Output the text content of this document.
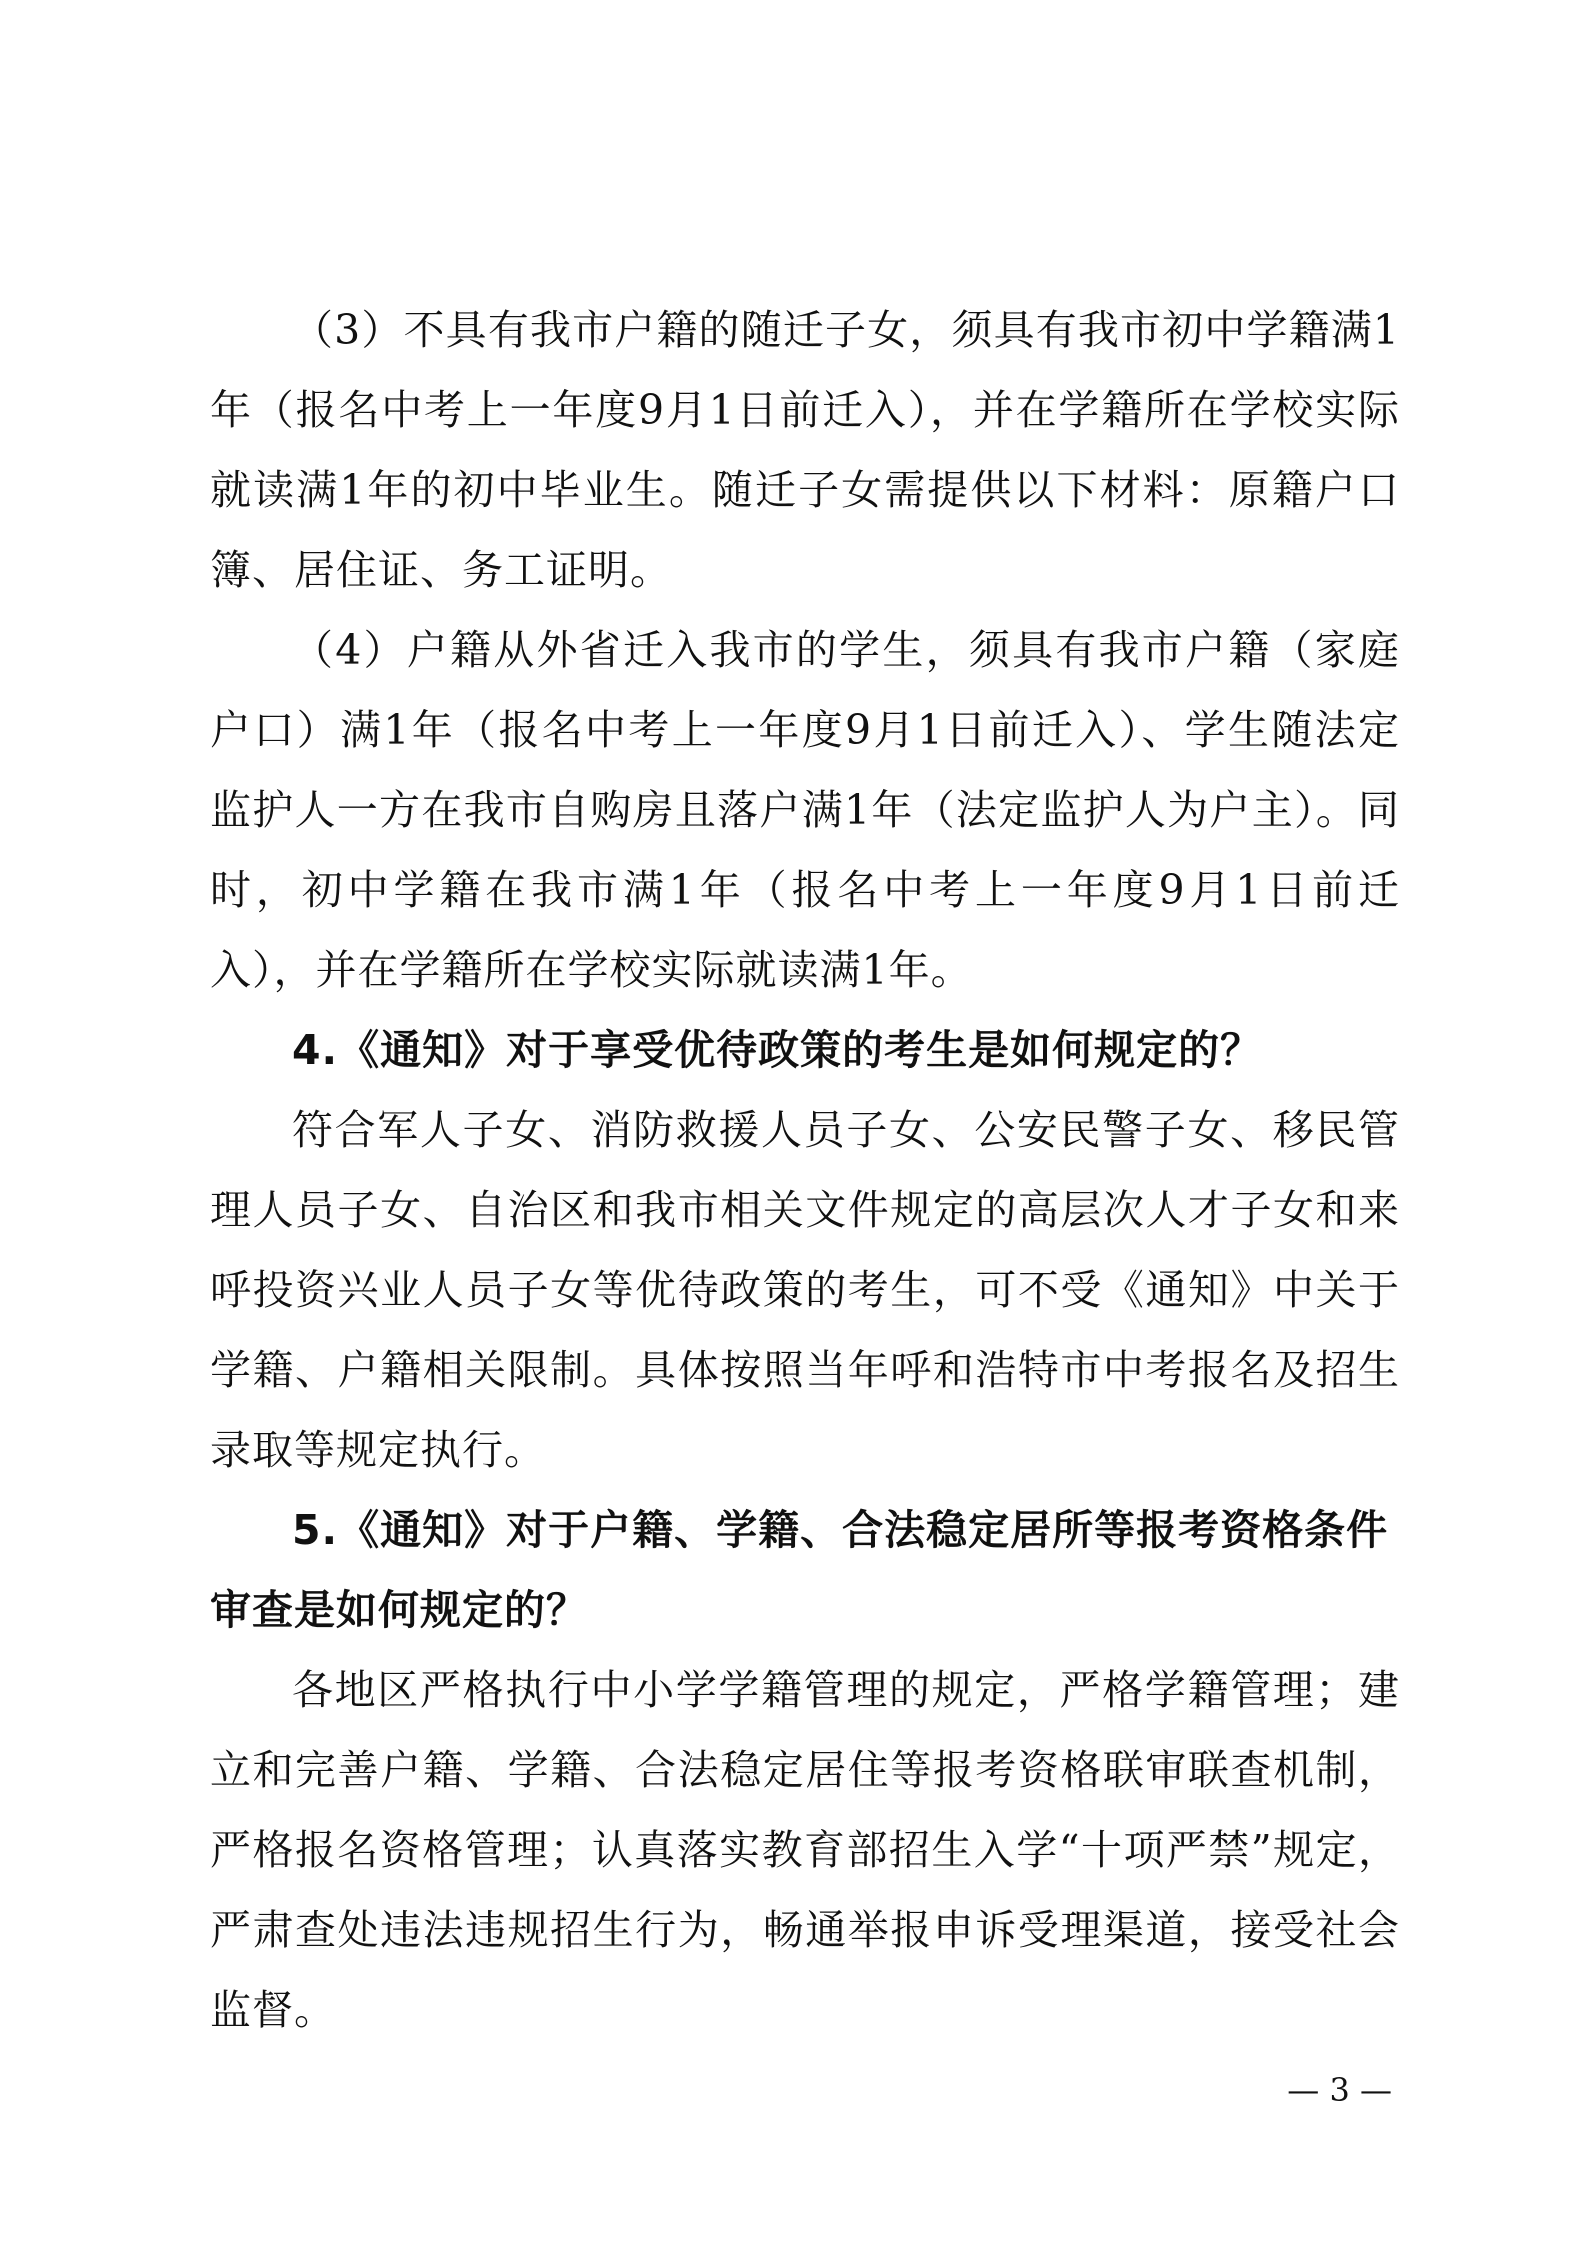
（3）不具有我市户籍的随迁子女，须具有我市初中学籍满1年（报名中考上一年度9月1日前迁入），并在学籍所在学校实际就读满1年的初中毕业生。随迁子女需提供以下材料：原籍户口簿、居住证、务工证明。

（4）户籍从外省迁入我市的学生，须具有我市户籍（家庭户口）满1年（报名中考上一年度9月1日前迁入）、学生随法定监护人一方在我市自购房且落户满1年（法定监护人为户主）。同时，初中学籍在我市满1年（报名中考上一年度9月1日前迁入），并在学籍所在学校实际就读满1年。

4.《通知》对于享受优待政策的考生是如何规定的？

符合军人子女、消防救援人员子女、公安民警子女、移民管理人员子女、自治区和我市相关文件规定的高层次人才子女和来呼投资兴业人员子女等优待政策的考生，可不受《通知》中关于学籍、户籍相关限制。具体按照当年呼和浩特市中考报名及招生录取等规定执行。

5.《通知》对于户籍、学籍、合法稳定居所等报考资格条件审查是如何规定的？

各地区严格执行中小学学籍管理的规定，严格学籍管理；建立和完善户籍、学籍、合法稳定居住等报考资格联审联查机制，严格报名资格管理；认真落实教育部招生入学“十项严禁”规定，严肃查处违法违规招生行为，畅通举报申诉受理渠道，接受社会监督。

— 3 —
